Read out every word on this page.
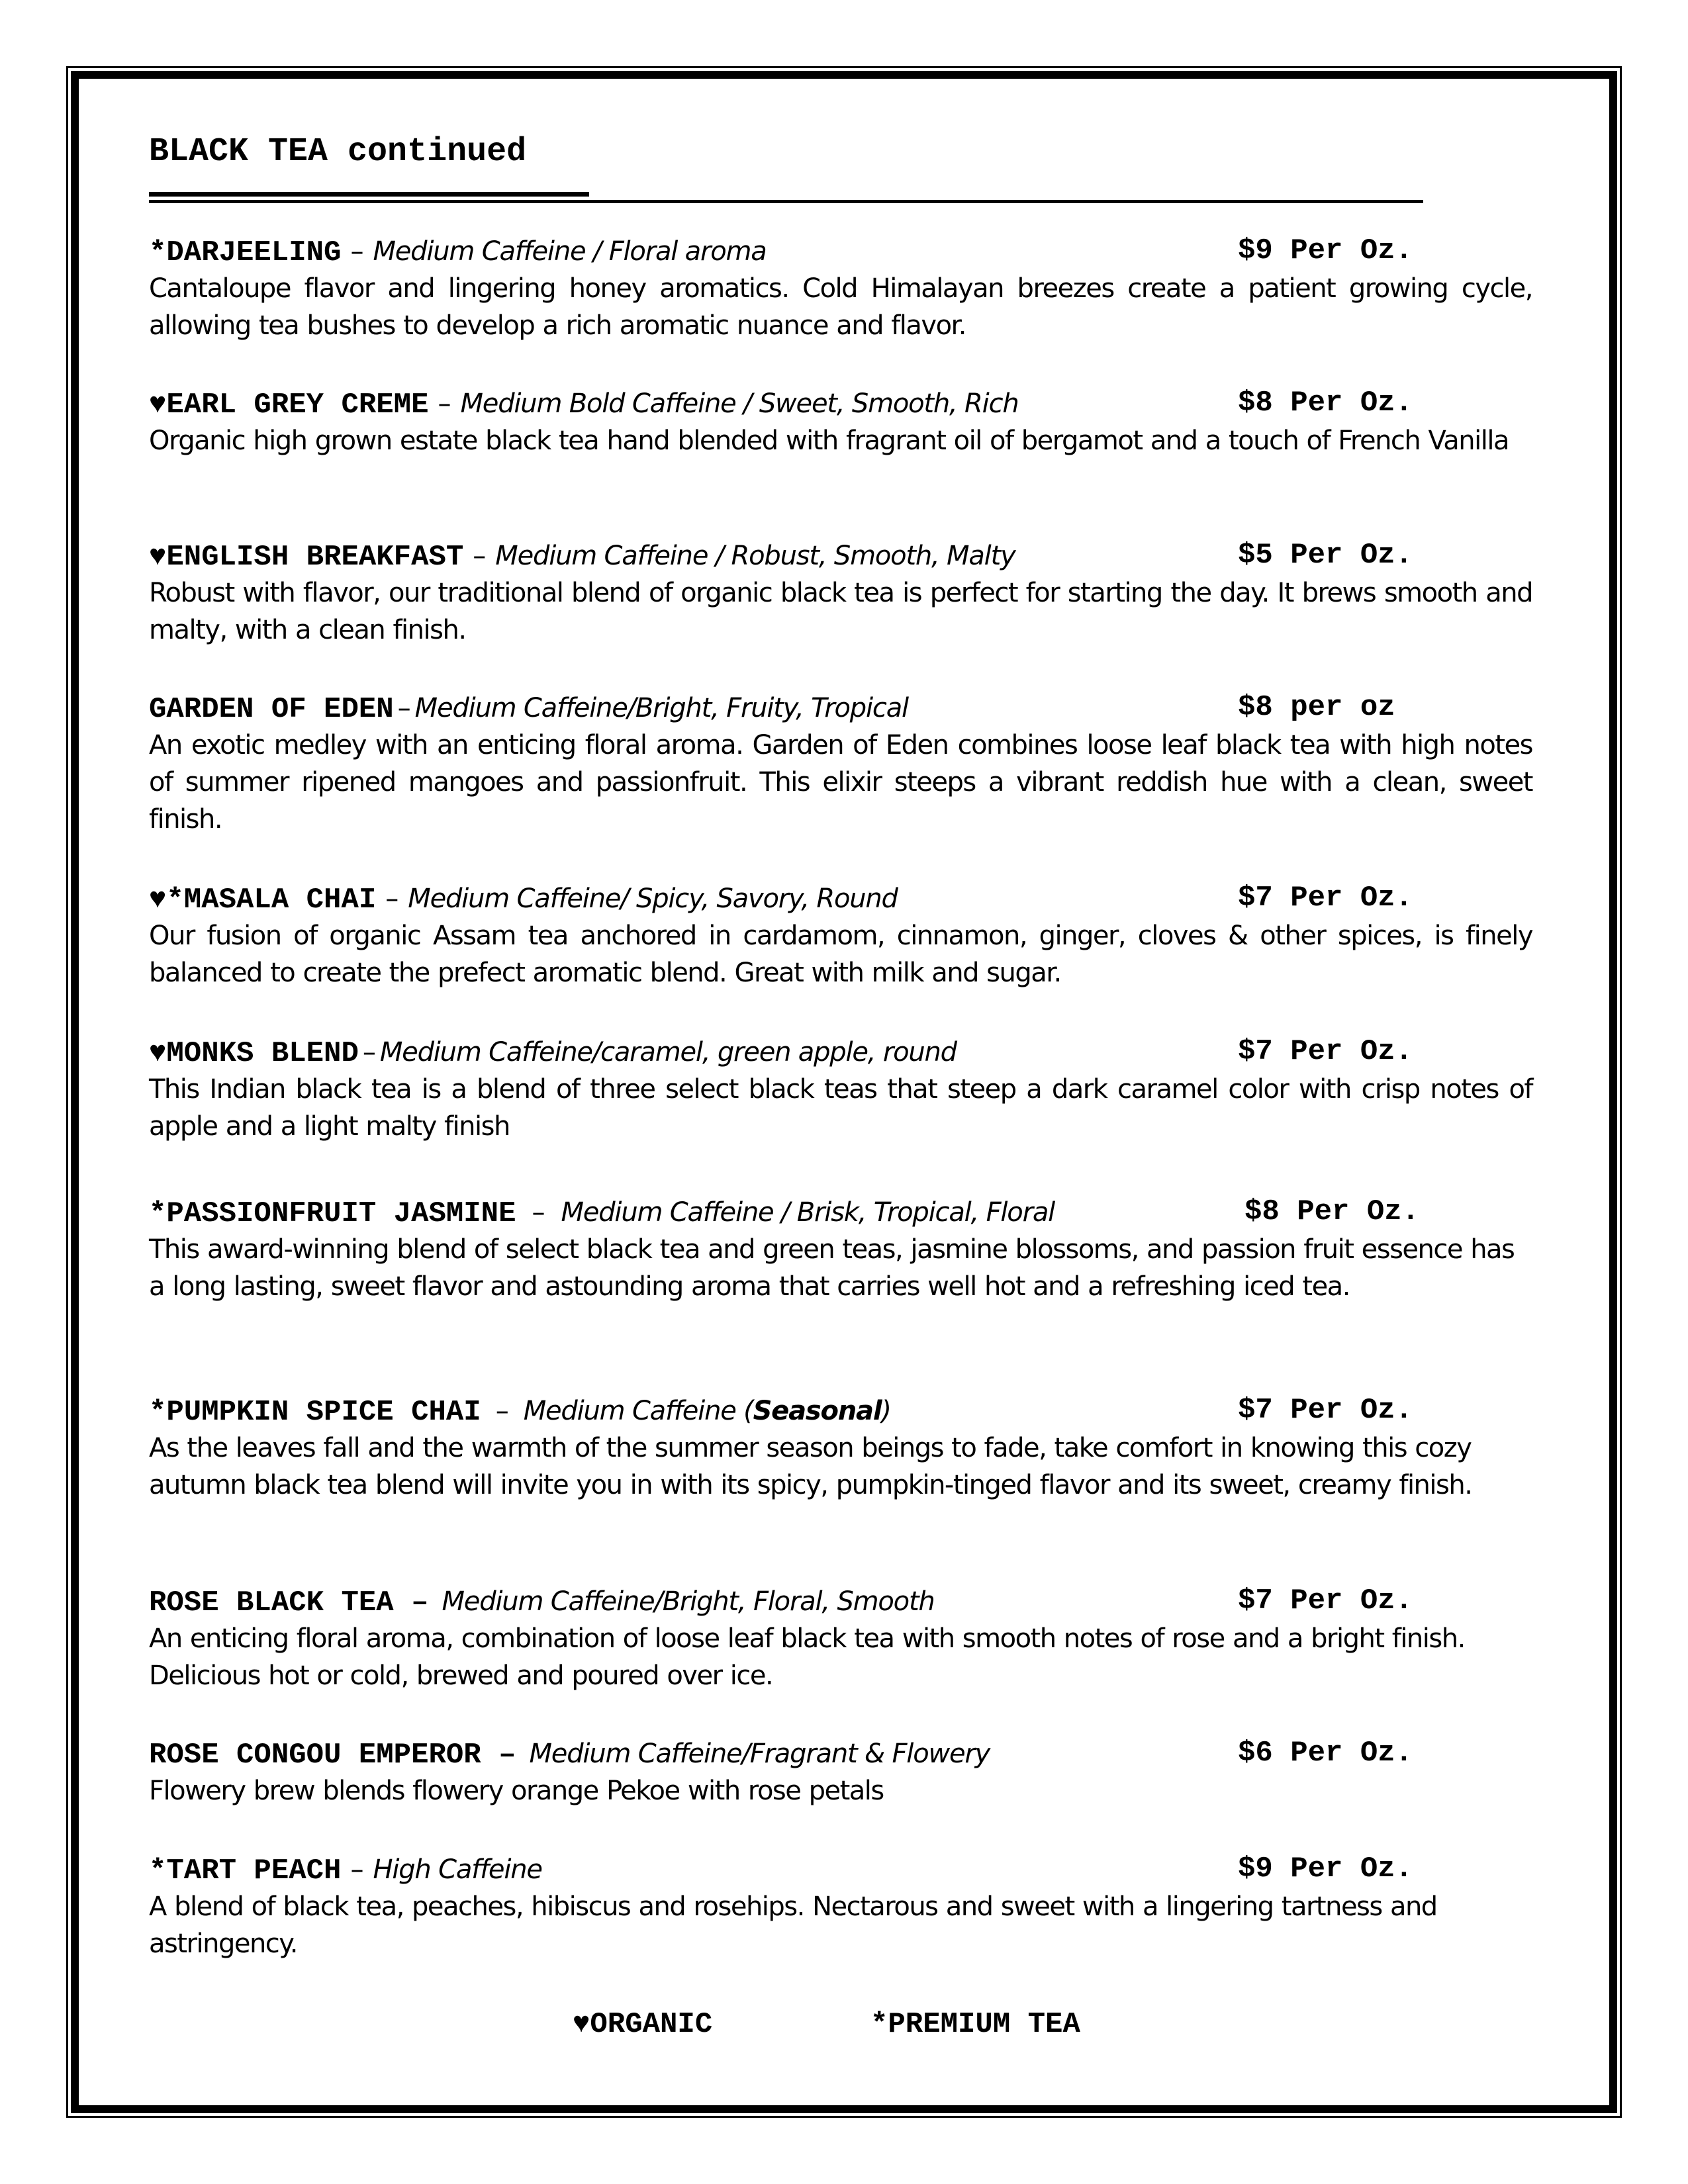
BLACK TEA continued
*DARJEELING – Medium Caffeine / Floral aroma	$9 Per Oz.
Cantaloupe flavor and lingering honey aromatics. Cold Himalayan breezes create a patient growing cycle, allowing tea bushes to develop a rich aromatic nuance and flavor.
♥EARL GREY CREME – Medium Bold Caffeine / Sweet, Smooth, Rich	$8 Per Oz.
Organic high grown estate black tea hand blended with fragrant oil of bergamot and a touch of French Vanilla
♥ENGLISH BREAKFAST – Medium Caffeine / Robust, Smooth, Malty	$5 Per Oz.
Robust with flavor, our traditional blend of organic black tea is perfect for starting the day. It brews smooth and malty, with a clean finish.
GARDEN OF EDEN – Medium Caffeine/Bright, Fruity, Tropical	$8 per oz
An exotic medley with an enticing floral aroma. Garden of Eden combines loose leaf black tea with high notes of summer ripened mangoes and passionfruit. This elixir steeps a vibrant reddish hue with a clean, sweet finish.
♥*MASALA CHAI – Medium Caffeine/ Spicy, Savory, Round	$7 Per Oz.
Our fusion of organic Assam tea anchored in cardamom, cinnamon, ginger, cloves & other spices, is finely balanced to create the prefect aromatic blend. Great with milk and sugar.
♥MONKS BLEND – Medium Caffeine/caramel, green apple, round	$7 Per Oz.
This Indian black tea is a blend of three select black teas that steep a dark caramel color with crisp notes of apple and a light malty finish
*PASSIONFRUIT JASMINE – Medium Caffeine / Brisk, Tropical, Floral	$8 Per Oz.
This award-winning blend of select black tea and green teas, jasmine blossoms, and passion fruit essence has a long lasting, sweet flavor and astounding aroma that carries well hot and a refreshing iced tea.
*PUMPKIN SPICE CHAI – Medium Caffeine (Seasonal)	$7 Per Oz.
As the leaves fall and the warmth of the summer season beings to fade, take comfort in knowing this cozy autumn black tea blend will invite you in with its spicy, pumpkin-tinged flavor and its sweet, creamy finish.
ROSE BLACK TEA – Medium Caffeine/Bright, Floral, Smooth	$7 Per Oz.
An enticing floral aroma, combination of loose leaf black tea with smooth notes of rose and a bright finish. Delicious hot or cold, brewed and poured over ice.
ROSE CONGOU EMPEROR – Medium Caffeine/Fragrant & Flowery	$6 Per Oz.
Flowery brew blends flowery orange Pekoe with rose petals
*TART PEACH – High Caffeine	$9 Per Oz.
A blend of black tea, peaches, hibiscus and rosehips. Nectarous and sweet with a lingering tartness and astringency.
♥ORGANIC	*PREMIUM TEA
